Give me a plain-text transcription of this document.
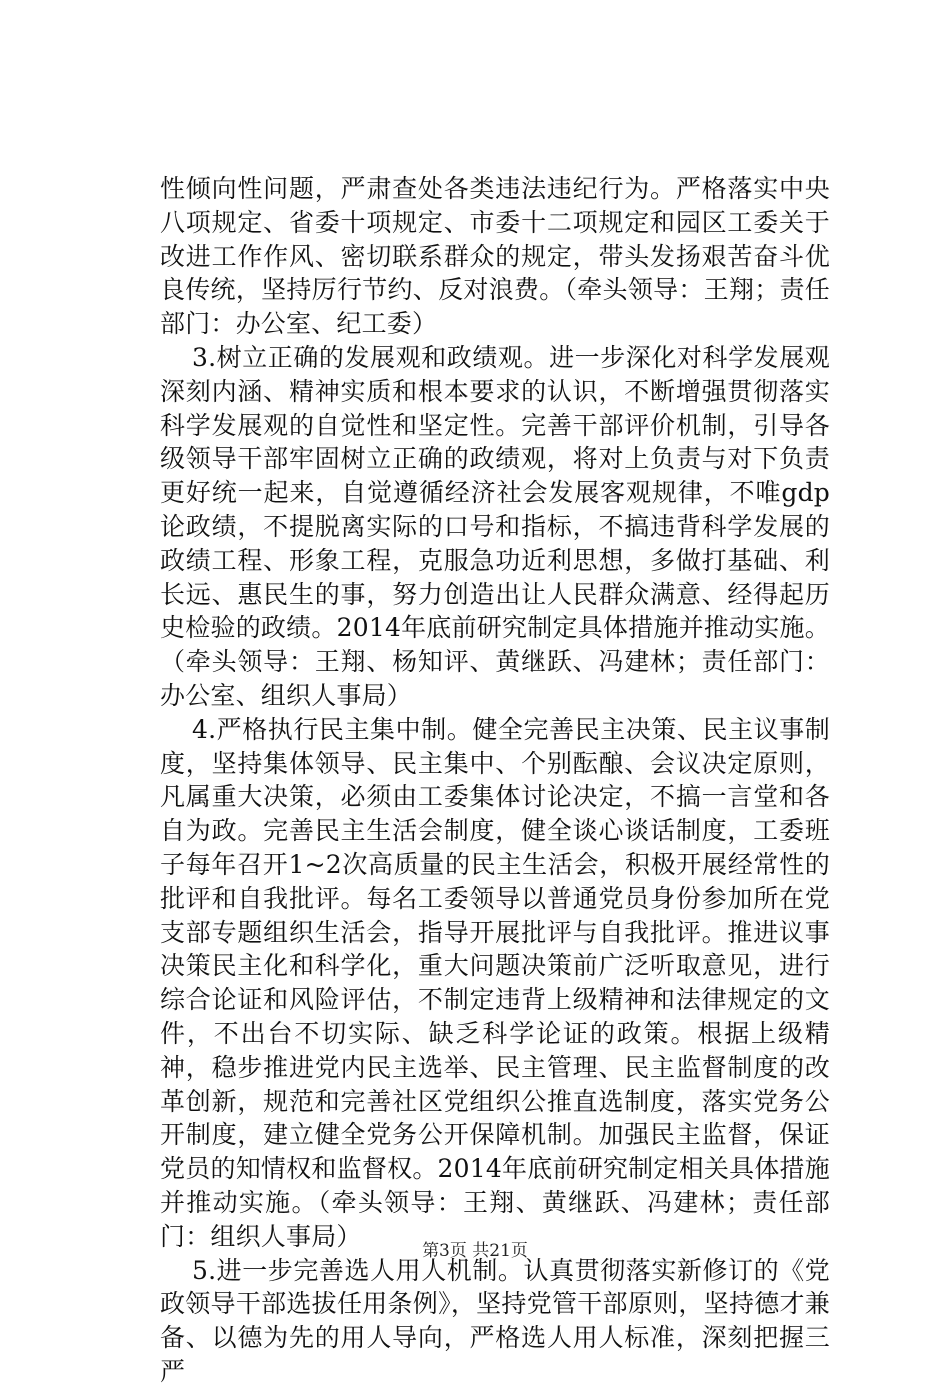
性倾向性问题，严肃查处各类违法违纪行为。严格落实中央八项规定、省委十项规定、市委十二项规定和园区工委关于改进工作作风、密切联系群众的规定，带头发扬艰苦奋斗优良传统，坚持厉行节约、反对浪费。（牵头领导：王翔；责任部门：办公室、纪工委）

3.树立正确的发展观和政绩观。进一步深化对科学发展观深刻内涵、精神实质和根本要求的认识，不断增强贯彻落实科学发展观的自觉性和坚定性。完善干部评价机制，引导各级领导干部牢固树立正确的政绩观，将对上负责与对下负责更好统一起来，自觉遵循经济社会发展客观规律，不唯gdp论政绩，不提脱离实际的口号和指标，不搞违背科学发展的政绩工程、形象工程，克服急功近利思想，多做打基础、利长远、惠民生的事，努力创造出让人民群众满意、经得起历史检验的政绩。2014年底前研究制定具体措施并推动实施。（牵头领导：王翔、杨知评、黄继跃、冯建林；责任部门：办公室、组织人事局）

4.严格执行民主集中制。健全完善民主决策、民主议事制度，坚持集体领导、民主集中、个别酝酿、会议决定原则，凡属重大决策，必须由工委集体讨论决定，不搞一言堂和各自为政。完善民主生活会制度，健全谈心谈话制度，工委班子每年召开1~2次高质量的民主生活会，积极开展经常性的批评和自我批评。每名工委领导以普通党员身份参加所在党支部专题组织生活会，指导开展批评与自我批评。推进议事决策民主化和科学化，重大问题决策前广泛听取意见，进行综合论证和风险评估，不制定违背上级精神和法律规定的文件，不出台不切实际、缺乏科学论证的政策。根据上级精神，稳步推进党内民主选举、民主管理、民主监督制度的改革创新，规范和完善社区党组织公推直选制度，落实党务公开制度，建立健全党务公开保障机制。加强民主监督，保证党员的知情权和监督权。2014年底前研究制定相关具体措施并推动实施。（牵头领导：王翔、黄继跃、冯建林；责任部门：组织人事局）

5.进一步完善选人用人机制。认真贯彻落实新修订的《党政领导干部选拔任用条例》，坚持党管干部原则，坚持德才兼备、以德为先的用人导向，严格选人用人标准，深刻把握三严

第3页 共21页
